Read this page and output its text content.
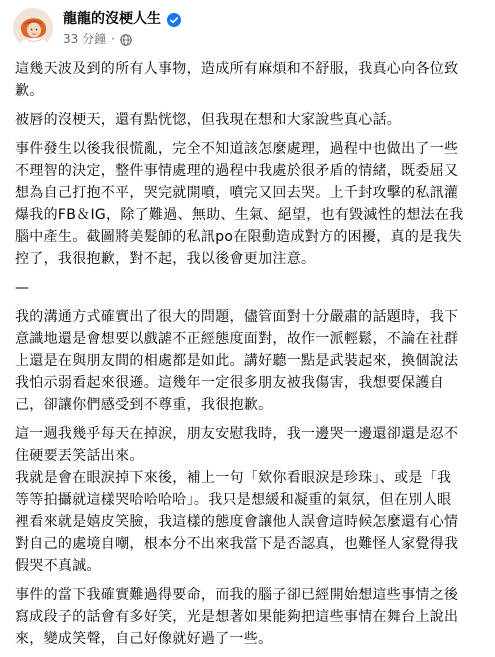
龍龍的沒梗人生
33 分鐘 ·

這幾天波及到的所有人事物，造成所有麻煩和不舒服，我真心向各位致
歉。

被唇的沒梗天，還有點恍惚，但我現在想和大家說些真心話。

事件發生以後我很慌亂，完全不知道該怎麼處理，過程中也做出了一些
不理智的決定，整件事情處理的過程中我處於很矛盾的情緒，既委屈又
想為自己打抱不平，哭完就開噴，噴完又回去哭。上千封攻擊的私訊灌
爆我的FB＆IG，除了難過、無助、生氣、絕望，也有毀滅性的想法在我
腦中產生。截圖將美髮師的私訊po在限動造成對方的困擾，真的是我失
控了，我很抱歉，對不起，我以後會更加注意。

—

我的溝通方式確實出了很大的問題，儘管面對十分嚴肅的話題時，我下
意識地還是會想要以戲謔不正經態度面對，故作一派輕鬆，不論在社群
上還是在與朋友間的相處都是如此。講好聽一點是武裝起來，換個說法
我怕示弱看起來很遜。這幾年一定很多朋友被我傷害，我想要保護自
己，卻讓你們感受到不尊重，我很抱歉。

這一週我幾乎每天在掉淚，朋友安慰我時，我一邊哭一邊還卻還是忍不
住硬要丟笑話出來。
我就是會在眼淚掉下來後，補上一句「欸你看眼淚是珍珠」、或是「我
等等拍攝就這樣哭哈哈哈哈」。我只是想緩和凝重的氣氛，但在別人眼
裡看來就是嬉皮笑臉，我這樣的態度會讓他人誤會這時候怎麼還有心情
對自己的處境自嘲，根本分不出來我當下是否認真，也難怪人家覺得我
假哭不真誠。

事件的當下我確實難過得要命，而我的腦子卻已經開始想這些事情之後
寫成段子的話會有多好笑，光是想著如果能夠把這些事情在舞台上說出
來，變成笑聲，自己好像就好過了一些。
